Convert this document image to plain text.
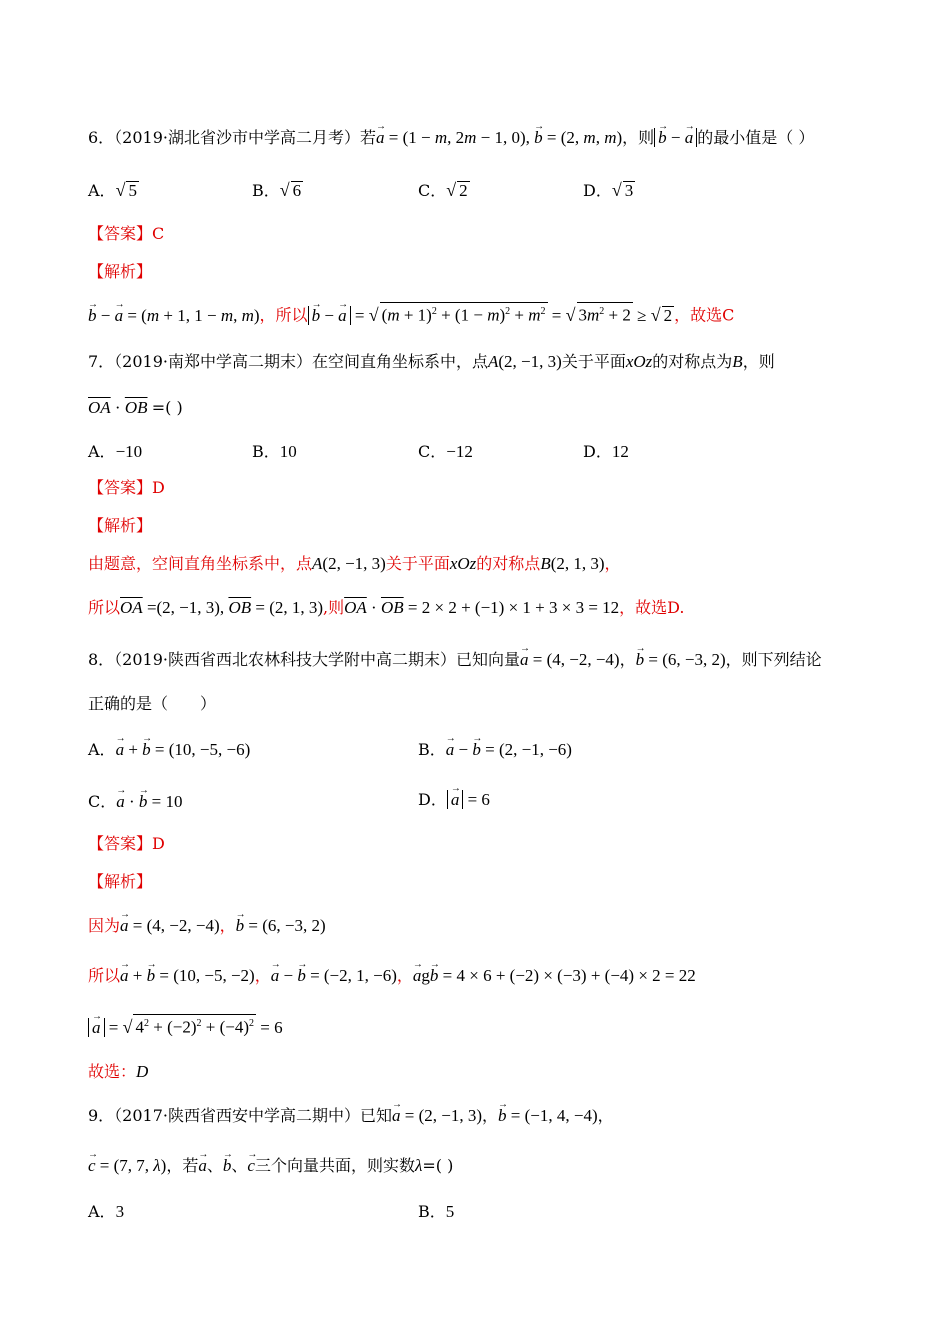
6．（2019·湖北省沙市中学高二月考）若→ a = (1 − m, 2m − 1, 0), → b = (2, m, m)，则 → b − → a 的最小值是（ ）
A．√ 5	B．√ 6	C．√ 2	D．√ 3
【答案】C
【解析】
→ b − → a = (m + 1, 1 − m, m)，所以 → b − → a = √ $(m + 1)^2 + (1 - m)^2 + m^2$ = √ $3m^2 + 2$ ≥ √ 2 ，故选C
7．（2019·南郑中学高二期末）在空间直角坐标系中，点A(2, −1, 3)关于平面xOz的对称点为B，则
$\overline{OA} \cdot \overline{OB}$ =( )
A．−10	B．10	C．−12	D．12
【答案】D
【解析】
由题意，空间直角坐标系中，点A(2, −1, 3)关于平面xOz的对称点B(2, 1, 3)，
所以$\overline{OA} =(2$, −1, 3), $\overline{OB} = (2$, 1, 3),则$\overline{OA} \cdot \overline{OB} = 2 \times 2 + (-1) \times 1 + 3 \times 3 = 12$，故选D.
8．（2019·陕西省西北农林科技大学附中高二期末）已知向量→ a = (4, −2, −4)，→ b = (6, −3, 2)，则下列结论
正确的是（　　）
A．→ a + → b = (10, −5, −6)	B．→ a − → b = (2, −1, −6)
C．→ a · → b = 10	D． → a = 6
【答案】D
【解析】
因为→ a = (4, −2, −4)，→ b = (6, −3, 2)
所以→ a + → b = (10, −5, −2)，→ a − → b = (−2, 1, −6)，→ ag→ b = 4 × 6 + (−2) × (−3) + (−4) × 2 = 22
→ a = √ $4^2 + (-2)^2 + (-4)^2 = 6$
故选：D
9．（2017·陕西省西安中学高二期中）已知→ a = (2, −1, 3)，→ b = (−1, 4, −4)，
→ c = (7, 7, λ)，若→ a、→ b、→ c三个向量共面，则实数λ=( )
A．3	B．5
